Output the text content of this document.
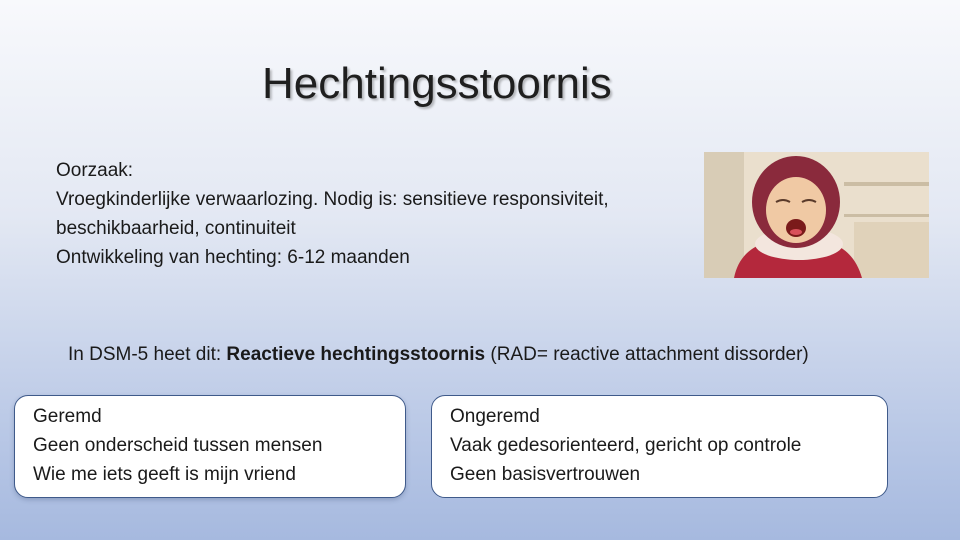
Hechtingsstoornis
Oorzaak:
Vroegkinderlijke verwaarlozing. Nodig is: sensitieve responsiviteit,
beschikbaarheid, continuiteit
Ontwikkeling van hechting: 6-12 maanden
In DSM-5 heet dit: Reactieve hechtingsstoornis (RAD= reactive attachment dissorder)
Geremd
Geen onderscheid tussen mensen
Wie me iets geeft is mijn vriend
Ongeremd
Vaak gedesorienteerd, gericht op controle
Geen basisvertrouwen
